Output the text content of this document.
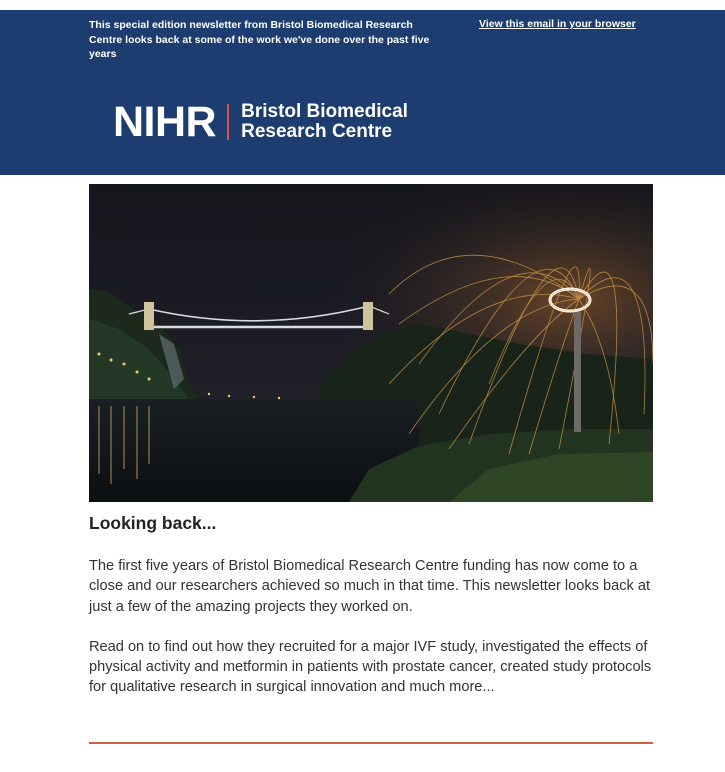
This special edition newsletter from Bristol Biomedical Research Centre looks back at some of the work we've done over the past five years
View this email in your browser
NIHR Bristol Biomedical
Research Centre
Looking back...

The first five years of Bristol Biomedical Research Centre funding has now come to a close and our researchers achieved so much in that time. This newsletter looks back at just a few of the amazing projects they worked on.

Read on to find out how they recruited for a major IVF study, investigated the effects of physical activity and metformin in patients with prostate cancer, created study protocols for qualitative research in surgical innovation and much more...
